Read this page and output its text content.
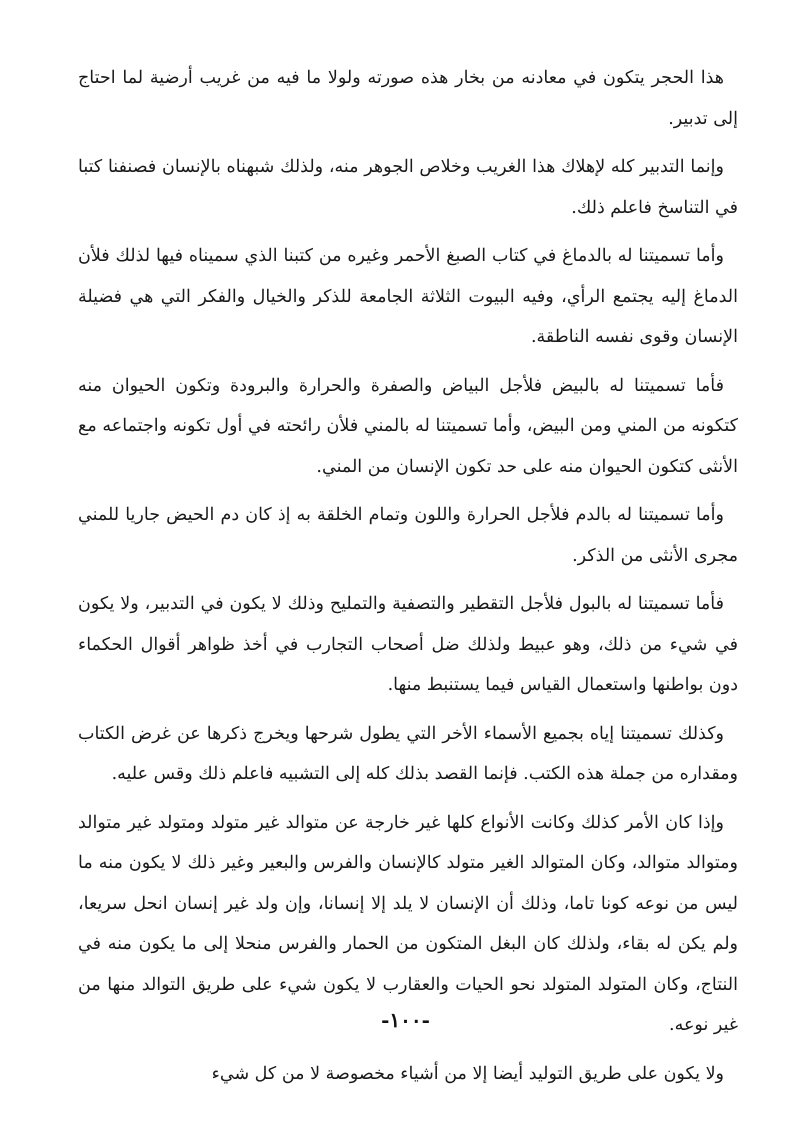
هذا الحجر يتكون في معادنه من بخار هذه صورته ولولا ما فيه من غريب أرضية لما احتاج إلى تدبير.

وإنما التدبير كله لإهلاك هذا الغريب وخلاص الجوهر منه، ولذلك شبهناه بالإنسان فصنفنا كتبا في التناسخ فاعلم ذلك.

وأما تسميتنا له بالدماغ في كتاب الصبغ الأحمر وغيره من كتبنا الذي سميناه فيها لذلك فلأن الدماغ إليه يجتمع الرأي، وفيه البيوت الثلاثة الجامعة للذكر والخيال والفكر التي هي فضيلة الإنسان وقوى نفسه الناطقة.

فأما تسميتنا له بالبيض فلأجل البياض والصفرة والحرارة والبرودة وتكون الحيوان منه كتكونه من المني ومن البيض، وأما تسميتنا له بالمني فلأن رائحته في أول تكونه واجتماعه مع الأنثى كتكون الحيوان منه على حد تكون الإنسان من المني.

وأما تسميتنا له بالدم فلأجل الحرارة واللون وتمام الخلقة به إذ كان دم الحيض جاريا للمني مجرى الأنثى من الذكر.

فأما تسميتنا له بالبول فلأجل التقطير والتصفية والتمليح وذلك لا يكون في التدبير، ولا يكون في شيء من ذلك، وهو عبيط ولذلك ضل أصحاب التجارب في أخذ ظواهر أقوال الحكماء دون بواطنها واستعمال القياس فيما يستنبط منها.

وكذلك تسميتنا إياه بجميع الأسماء الأخر التي يطول شرحها ويخرج ذكرها عن غرض الكتاب ومقداره من جملة هذه الكتب. فإنما القصد بذلك كله إلى التشبيه فاعلم ذلك وقس عليه.

وإذا كان الأمر كذلك وكانت الأنواع كلها غير خارجة عن متوالد غير متولد ومتولد غير متوالد ومتوالد متوالد، وكان المتوالد الغير متولد كالإنسان والفرس والبعير وغير ذلك لا يكون منه ما ليس من نوعه كونا تاما، وذلك أن الإنسان لا يلد إلا إنسانا، وإن ولد غير إنسان انحل سريعا، ولم يكن له بقاء، ولذلك كان البغل المتكون من الحمار والفرس منحلا إلى ما يكون منه في النتاج، وكان المتولد المتولد نحو الحيات والعقارب لا يكون شيء على طريق التوالد منها من غير نوعه.

ولا يكون على طريق التوليد أيضا إلا من أشياء مخصوصة لا من كل شيء

-١٠٠-
